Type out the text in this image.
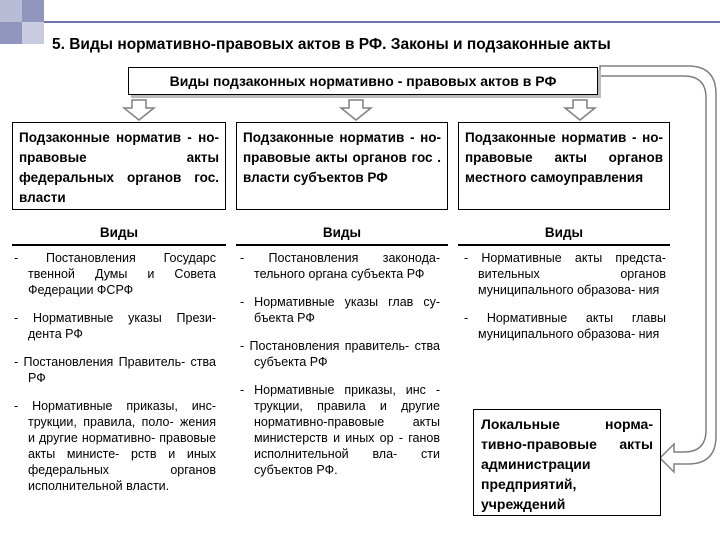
5. Виды нормативно-правовых актов в РФ. Законы и подзаконные акты
Виды подзаконных нормативно - правовых актов в РФ
Подзаконные норматив - но-правовые акты федеральных органов гос. власти
Подзаконные норматив - но-правовые акты органов гос . власти субъектов РФ
Подзаконные норматив - но-правовые акты органов местного самоуправления
Виды	Виды	Виды
- Постановления Государс твенной Думы и Совета Федерации ФСРФ
- Нормативные указы Прези- дента РФ
- Постановления Правитель- ства РФ
- Нормативные приказы, инс- трукции, правила, поло- жения и другие нормативно- правовые акты министе- рств и иных федеральных органов исполнительной власти.
- Постановления законода- тельного органа субъекта РФ
- Нормативные указы глав су- бъекта РФ
- Постановления правитель- ства субъекта РФ
- Нормативные приказы, инс - трукции, правила и другие нормативно-правовые акты министерств и иных ор - ганов исполнительной вла- сти субъектов РФ.
- Нормативные акты предста- вительных органов муниципального образова- ния
- Нормативные акты главы муниципального образова- ния
Локальные норма- тивно-правовые акты администрации предприятий, учреждений
